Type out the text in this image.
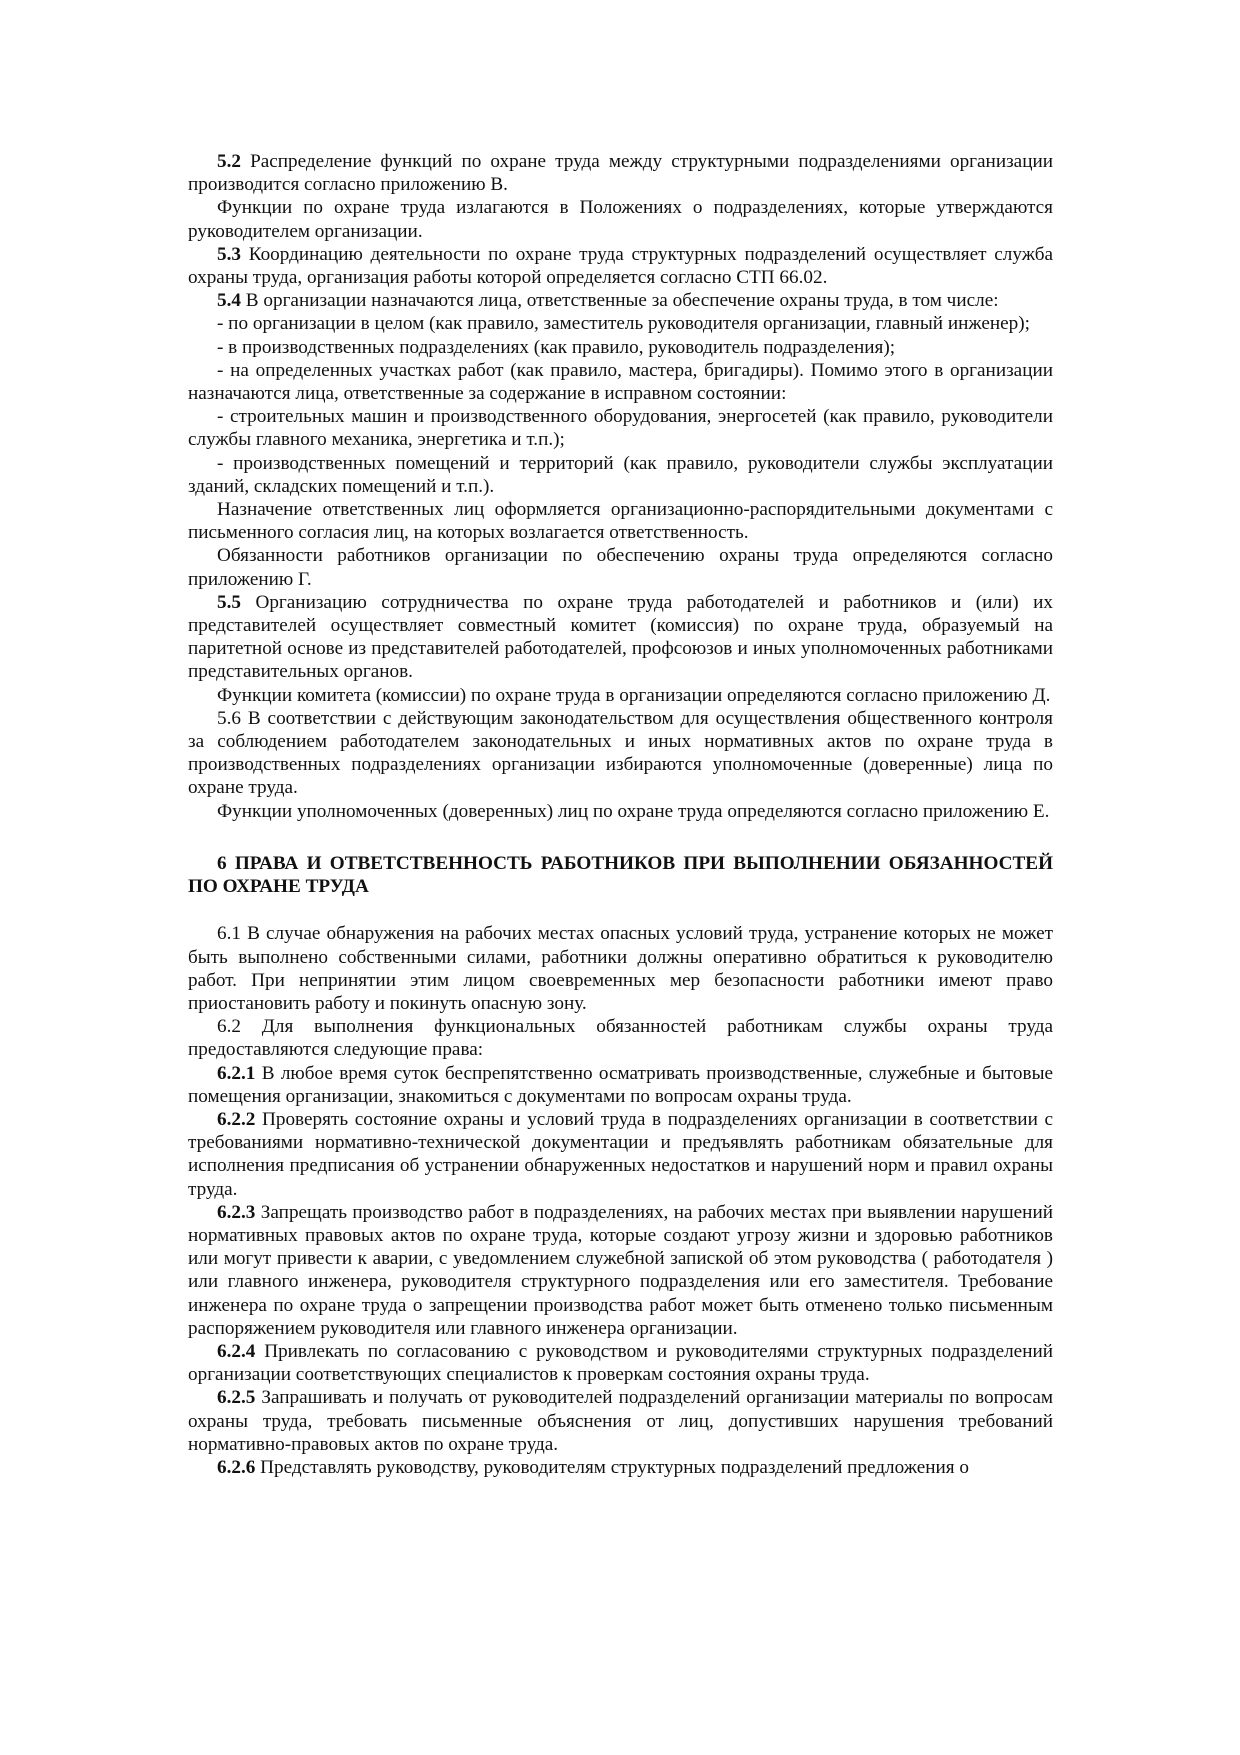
5.2 Распределение функций по охране труда между структурными подразделениями организации производится согласно приложению В.

Функции по охране труда излагаются в Положениях о подразделениях, которые утверждаются руководителем организации.

5.3 Координацию деятельности по охране труда структурных подразделений осуществляет служба охраны труда, организация работы которой определяется согласно СТП 66.02.

5.4 В организации назначаются лица, ответственные за обеспечение охраны труда, в том числе:

- по организации в целом (как правило, заместитель руководителя организации, главный инженер);

- в производственных подразделениях (как правило, руководитель подразделения);

- на определенных участках работ (как правило, мастера, бригадиры). Помимо этого в организации назначаются лица, ответственные за содержание в исправном состоянии:

- строительных машин и производственного оборудования, энергосетей (как правило, руководители службы главного механика, энергетика и т.п.);

- производственных помещений и территорий (как правило, руководители службы эксплуатации зданий, складских помещений и т.п.).

Назначение ответственных лиц оформляется организационно-распорядительными документами с письменного согласия лиц, на которых возлагается ответственность.

Обязанности работников организации по обеспечению охраны труда определяются согласно приложению Г.

5.5 Организацию сотрудничества по охране труда работодателей и работников и (или) их представителей осуществляет совместный комитет (комиссия) по охране труда, образуемый на паритетной основе из представителей работодателей, профсоюзов и иных уполномоченных работниками представительных органов.

Функции комитета (комиссии) по охране труда в организации определяются согласно приложению Д.

5.6 В соответствии с действующим законодательством для осуществления общественного контроля за соблюдением работодателем законодательных и иных нормативных актов по охране труда в производственных подразделениях организации избираются уполномоченные (доверенные) лица по охране труда.

Функции уполномоченных (доверенных) лиц по охране труда определяются согласно приложению Е.

6 ПРАВА И ОТВЕТСТВЕННОСТЬ РАБОТНИКОВ ПРИ ВЫПОЛНЕНИИ ОБЯЗАННОСТЕЙ ПО ОХРАНЕ ТРУДА

6.1 В случае обнаружения на рабочих местах опасных условий труда, устранение которых не может быть выполнено собственными силами, работники должны оперативно обратиться к руководителю работ. При непринятии этим лицом своевременных мер безопасности работники имеют право приостановить работу и покинуть опасную зону.

6.2 Для выполнения функциональных обязанностей работникам службы охраны труда предоставляются следующие права:

6.2.1 В любое время суток беспрепятственно осматривать производственные, служебные и бытовые помещения организации, знакомиться с документами по вопросам охраны труда.

6.2.2 Проверять состояние охраны и условий труда в подразделениях организации в соответствии с требованиями нормативно-технической документации и предъявлять работникам обязательные для исполнения предписания об устранении обнаруженных недостатков и нарушений норм и правил охраны труда.

6.2.3 Запрещать производство работ в подразделениях, на рабочих местах при выявлении нарушений нормативных правовых актов по охране труда, которые создают угрозу жизни и здоровью работников или могут привести к аварии, с уведомлением служебной запиской об этом руководства ( работодателя ) или главного инженера, руководителя структурного подразделения или его заместителя. Требование инженера по охране труда о запрещении производства работ может быть отменено только письменным распоряжением руководителя или главного инженера организации.

6.2.4 Привлекать по согласованию с руководством и руководителями структурных подразделений организации соответствующих специалистов к проверкам состояния охраны труда.

6.2.5 Запрашивать и получать от руководителей подразделений организации материалы по вопросам охраны труда, требовать письменные объяснения от лиц, допустивших нарушения требований нормативно-правовых актов по охране труда.

6.2.6 Представлять руководству, руководителям структурных подразделений предложения о
